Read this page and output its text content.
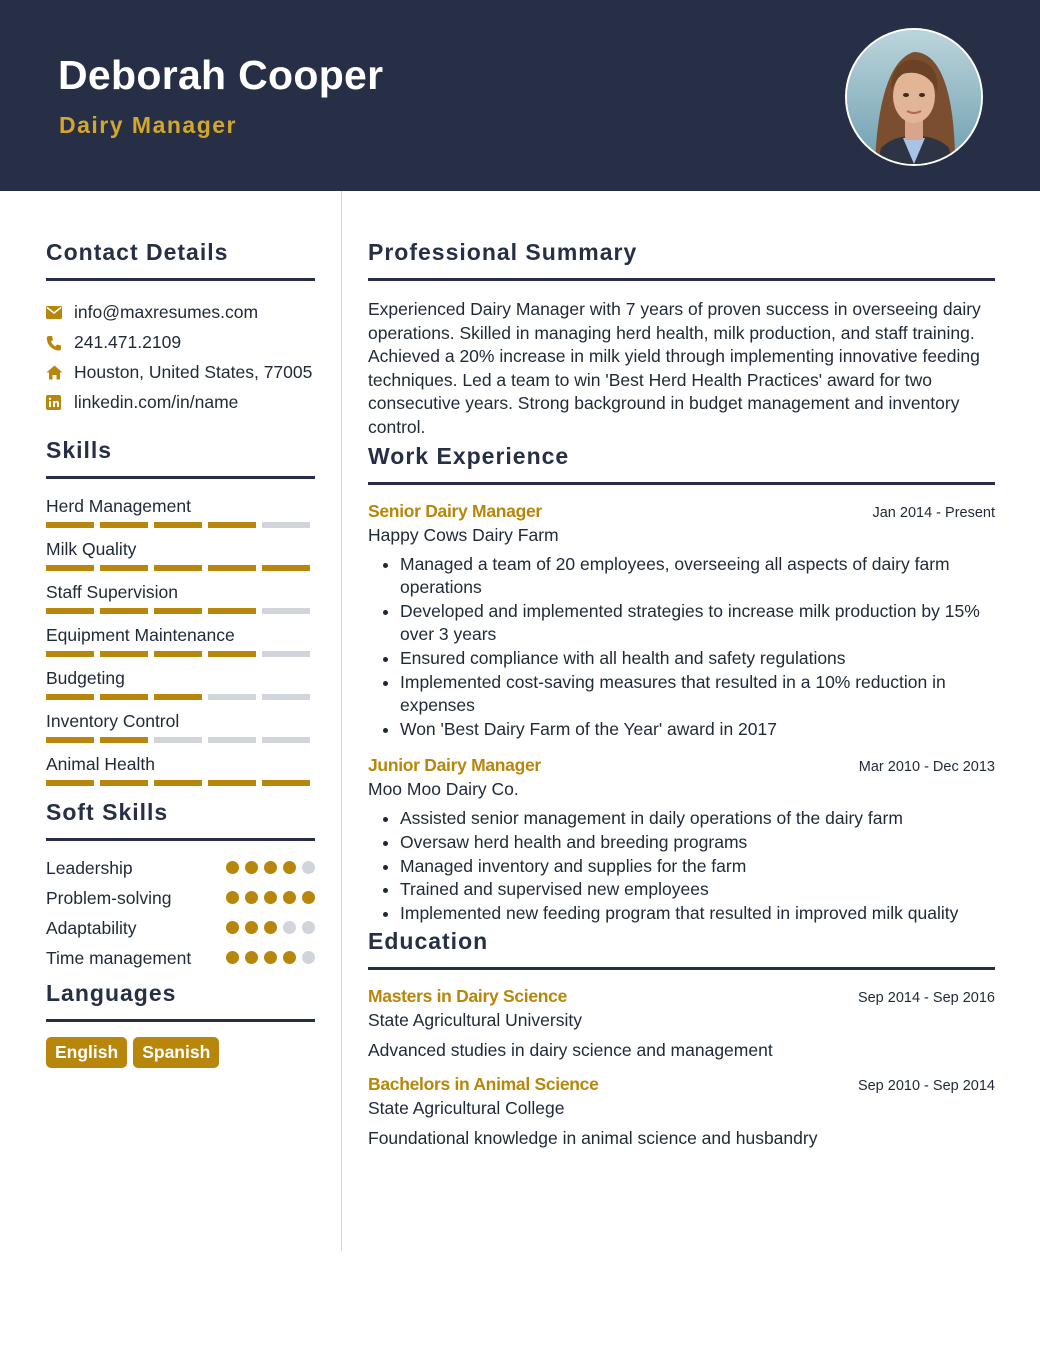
Deborah Cooper
Dairy Manager
Contact Details
info@maxresumes.com
241.471.2109
Houston, United States, 77005
linkedin.com/in/name
Skills
Herd Management
Milk Quality
Staff Supervision
Equipment Maintenance
Budgeting
Inventory Control
Animal Health
Soft Skills
Leadership
Problem-solving
Adaptability
Time management
Languages
English	Spanish
Professional Summary

Experienced Dairy Manager with 7 years of proven success in overseeing dairy operations. Skilled in managing herd health, milk production, and staff training. Achieved a 20% increase in milk yield through implementing innovative feeding techniques. Led a team to win 'Best Herd Health Practices' award for two consecutive years. Strong background in budget management and inventory control.

Work Experience
Senior Dairy Manager	Jan 2014 - Present
Happy Cows Dairy Farm
• Managed a team of 20 employees, overseeing all aspects of dairy farm operations
• Developed and implemented strategies to increase milk production by 15% over 3 years
• Ensured compliance with all health and safety regulations
• Implemented cost-saving measures that resulted in a 10% reduction in expenses
• Won 'Best Dairy Farm of the Year' award in 2017
Junior Dairy Manager	Mar 2010 - Dec 2013
Moo Moo Dairy Co.
• Assisted senior management in daily operations of the dairy farm
• Oversaw herd health and breeding programs
• Managed inventory and supplies for the farm
• Trained and supervised new employees
• Implemented new feeding program that resulted in improved milk quality
Education
Masters in Dairy Science	Sep 2014 - Sep 2016
State Agricultural University
Advanced studies in dairy science and management
Bachelors in Animal Science	Sep 2010 - Sep 2014
State Agricultural College
Foundational knowledge in animal science and husbandry
